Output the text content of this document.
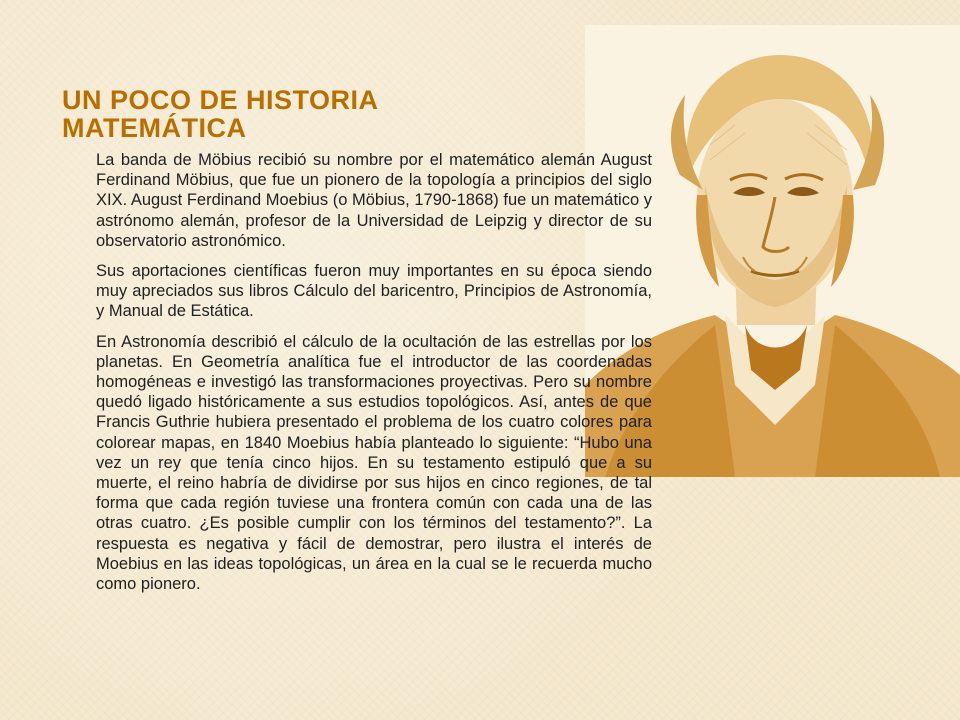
UN POCO DE HISTORIA
MATEMÁTICA

La banda de Möbius recibió su nombre por el matemático alemán August Ferdinand Möbius, que fue un pionero de la topología a principios del siglo XIX. August Ferdinand Moebius (o Möbius, 1790-1868) fue un matemático y astrónomo alemán, profesor de la Universidad de Leipzig y director de su observatorio astronómico.

Sus aportaciones científicas fueron muy importantes en su época siendo muy apreciados sus libros Cálculo del baricentro, Principios de Astronomía, y Manual de Estática.

En Astronomía describió el cálculo de la ocultación de las estrellas por los planetas. En Geometría analítica fue el introductor de las coordenadas homogéneas e investigó las transformaciones proyectivas. Pero su nombre quedó ligado históricamente a sus estudios topológicos. Así, antes de que Francis Guthrie hubiera presentado el problema de los cuatro colores para colorear mapas, en 1840 Moebius había planteado lo siguiente: “Hubo una vez un rey que tenía cinco hijos. En su testamento estipuló que a su muerte, el reino habría de dividirse por sus hijos en cinco regiones, de tal forma que cada región tuviese una frontera común con cada una de las otras cuatro. ¿Es posible cumplir con los términos del testamento?”. La respuesta es negativa y fácil de demostrar, pero ilustra el interés de Moebius en las ideas topológicas, un área en la cual se le recuerda mucho como pionero.
